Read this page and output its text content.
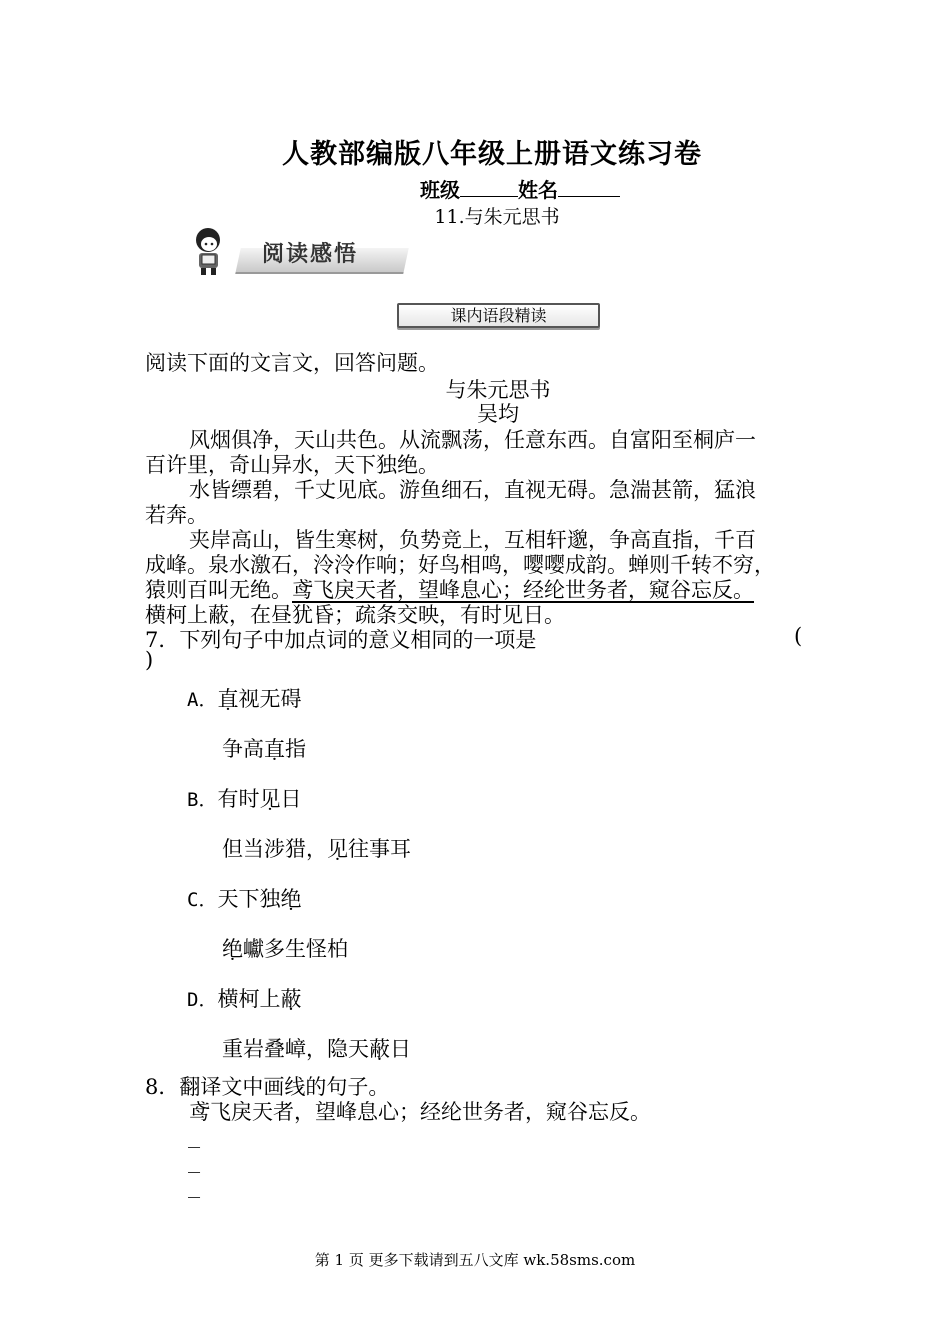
人教部编版八年级上册语文练习卷
班级	姓名
11.与朱元思书
阅读感悟
课内语段精读
阅读下面的文言文，回答问题。
与朱元思书
吴均
风烟俱净，天山共色。从流飘荡，任意东西。自富阳至桐庐一
百许里，奇山异水，天下独绝。
水皆缥碧，千丈见底。游鱼细石，直视无碍。急湍甚箭，猛浪
若奔。
夹岸高山，皆生寒树，负势竞上，互相轩邈，争高直指，千百
成峰。泉水激石，泠泠作响；好鸟相鸣，嘤嘤成韵。蝉则千转不穷，
猿则百叫无绝。鸢飞戾天者，望峰息心；经纶世务者，窥谷忘反。
横柯上蔽，在昼犹昏；疏条交映，有时见日。
7．下列句子中加点词的意义相同的一项是	(
)
A．直视无碍
争高直指
B．有时见日
但当涉猎，见往事耳
C．天下独绝
绝巘多生怪柏
D．横柯上蔽
重岩叠嶂，隐天蔽日
8．翻译文中画线的句子。
鸢飞戾天者，望峰息心；经纶世务者，窥谷忘反。
_
_
_
第 1 页 更多下载请到五八文库 wk.58sms.com
